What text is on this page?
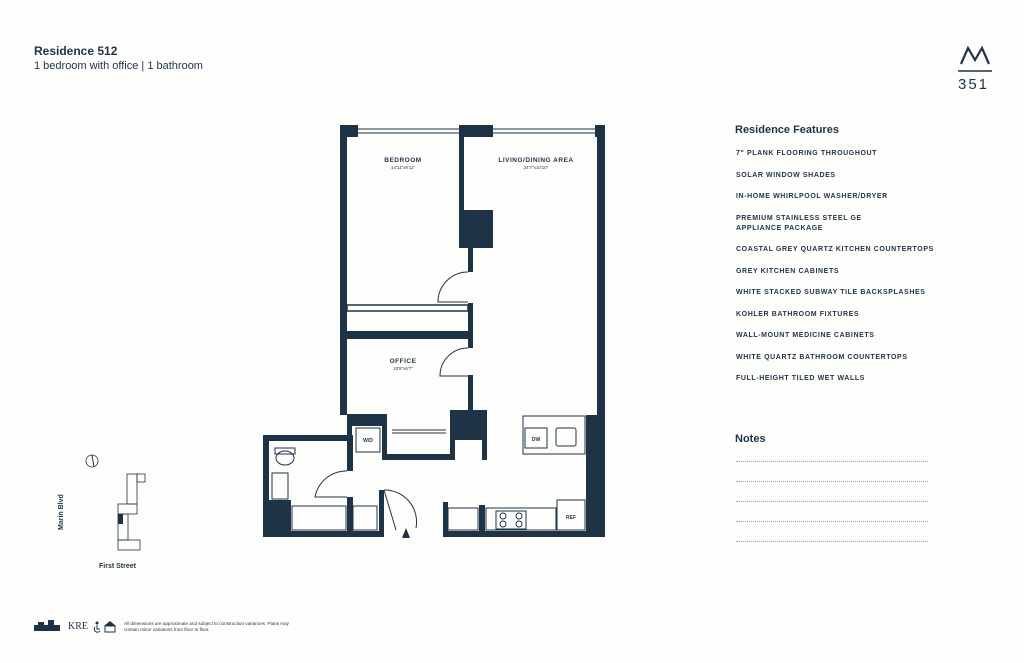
Residence 512
1 bedroom with office | 1 bathroom
351
Residence Features
7" PLANK FLOORING THROUGHOUT
SOLAR WINDOW SHADES
IN-HOME WHIRLPOOL WASHER/DRYER
PREMIUM STAINLESS STEEL GE APPLIANCE PACKAGE
COASTAL GREY QUARTZ KITCHEN COUNTERTOPS
GREY KITCHEN CABINETS
WHITE STACKED SUBWAY TILE BACKSPLASHES
KOHLER BATHROOM FIXTURES
WALL-MOUNT MEDICINE CABINETS
WHITE QUARTZ BATHROOM COUNTERTOPS
FULL-HEIGHT TILED WET WALLS
Notes
BEDROOM
14'11"x9'11"
LIVING/DINING AREA
24'7"x10'10"
OFFICE
10'9"x6'7"
W/D	DW
REF
First Street
Marin Blvd
KRE	All dimensions are approximate and subject to construction variances. Plans may contain minor variations from floor to floor.
